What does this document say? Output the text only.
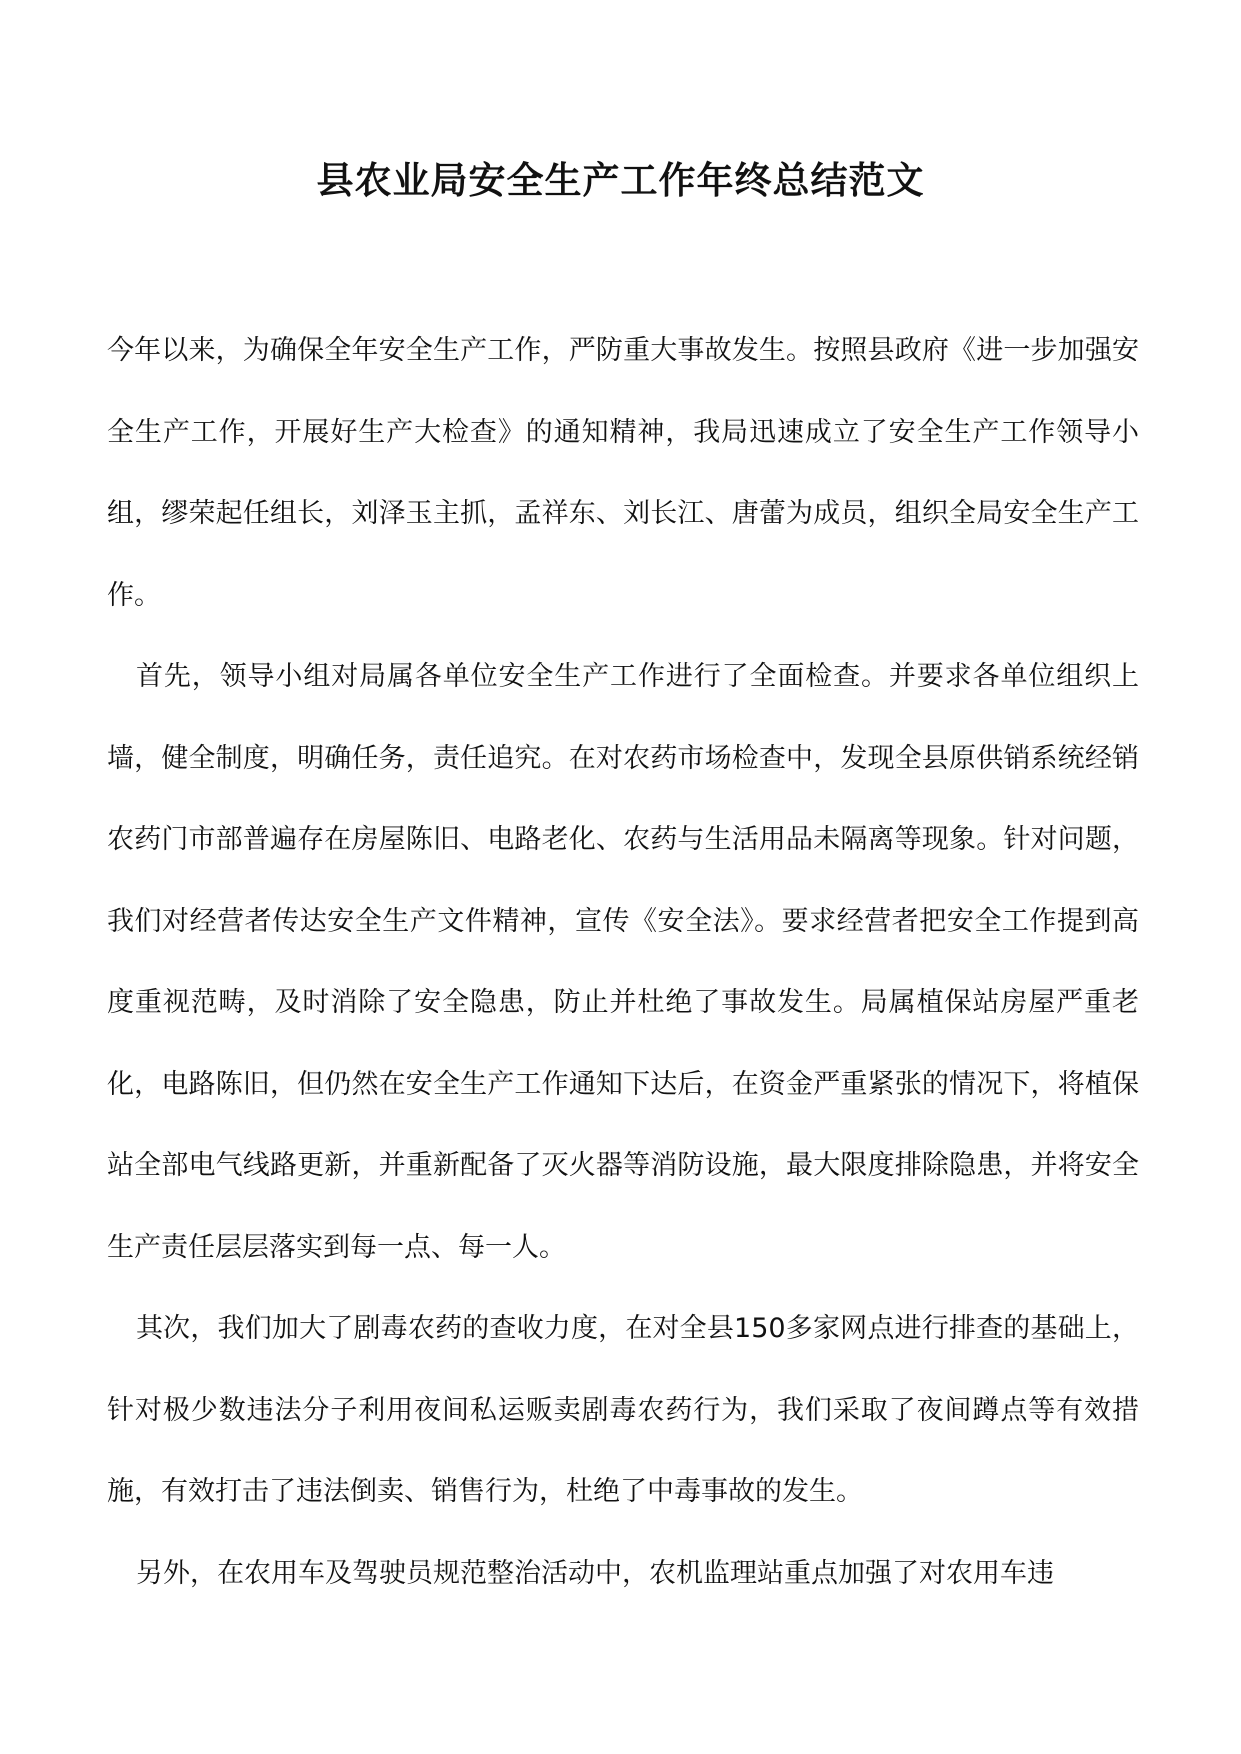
县农业局安全生产工作年终总结范文

今年以来，为确保全年安全生产工作，严防重大事故发生。按照县政府《进一步加强安全生产工作，开展好生产大检查》的通知精神，我局迅速成立了安全生产工作领导小组，缪荣起任组长，刘泽玉主抓，孟祥东、刘长江、唐蕾为成员，组织全局安全生产工作。

首先，领导小组对局属各单位安全生产工作进行了全面检查。并要求各单位组织上墙，健全制度，明确任务，责任追究。在对农药市场检查中，发现全县原供销系统经销农药门市部普遍存在房屋陈旧、电路老化、农药与生活用品未隔离等现象。针对问题，我们对经营者传达安全生产文件精神，宣传《安全法》。要求经营者把安全工作提到高度重视范畴，及时消除了安全隐患，防止并杜绝了事故发生。局属植保站房屋严重老化，电路陈旧，但仍然在安全生产工作通知下达后，在资金严重紧张的情况下，将植保站全部电气线路更新，并重新配备了灭火器等消防设施，最大限度排除隐患，并将安全生产责任层层落实到每一点、每一人。

其次，我们加大了剧毒农药的查收力度，在对全县150多家网点进行排查的基础上，针对极少数违法分子利用夜间私运贩卖剧毒农药行为，我们采取了夜间蹲点等有效措施，有效打击了违法倒卖、销售行为，杜绝了中毒事故的发生。

另外，在农用车及驾驶员规范整治活动中，农机监理站重点加强了对农用车违
